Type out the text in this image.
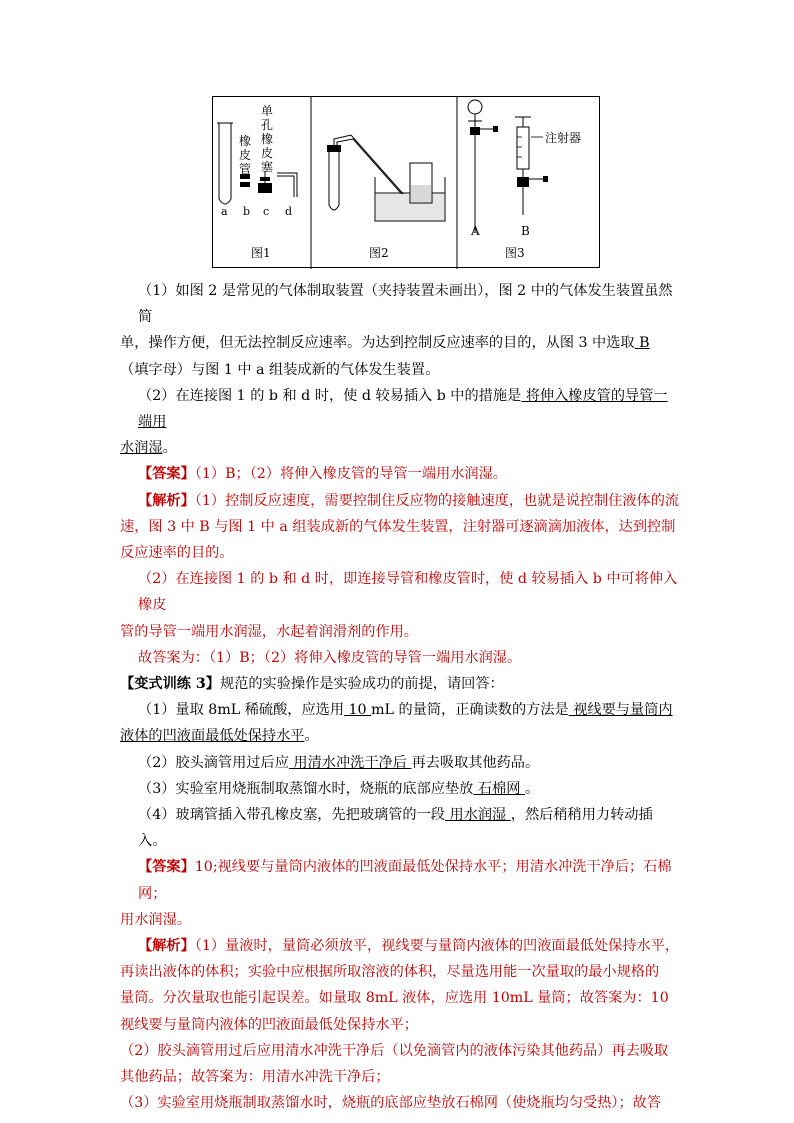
单
孔
橡
皮
塞
橡
皮
管
a b c d
图1	图2
注射器
A	B
图3

（1）如图 2 是常见的气体制取装置（夹持装置未画出），图 2 中的气体发生装置虽然简

单，操作方便，但无法控制反应速率。为达到控制反应速率的目的，从图 3 中选取 B

（填字母）与图 1 中 a 组装成新的气体发生装置。

（2）在连接图 1 的 b 和 d 时，使 d 较易插入 b 中的措施是 将伸入橡皮管的导管一端用

水润湿。

【答案】（1）B；（2）将伸入橡皮管的导管一端用水润湿。

【解析】（1）控制反应速度，需要控制住反应物的接触速度，也就是说控制住液体的流

速，图 3 中 B 与图 1 中 a 组装成新的气体发生装置，注射器可逐滴滴加液体，达到控制

反应速率的目的。

（2）在连接图 1 的 b 和 d 时，即连接导管和橡皮管时，使 d 较易插入 b 中可将伸入橡皮

管的导管一端用水润湿，水起着润滑剂的作用。

故答案为：（1）B；（2）将伸入橡皮管的导管一端用水润湿。

【变式训练 3】规范的实验操作是实验成功的前提，请回答：

（1）量取 8mL 稀硫酸，应选用 10 mL 的量筒，正确读数的方法是 视线要与量筒内

液体的凹液面最低处保持水平。

（2）胶头滴管用过后应 用清水冲洗干净后 再去吸取其他药品。

（3）实验室用烧瓶制取蒸馏水时，烧瓶的底部应垫放 石棉网 。

（4）玻璃管插入带孔橡皮塞，先把玻璃管的一段 用水润湿 ，然后稍稍用力转动插入。

【答案】10;视线要与量筒内液体的凹液面最低处保持水平；用清水冲洗干净后；石棉网；

用水润湿。

【解析】（1）量液时，量筒必须放平，视线要与量筒内液体的凹液面最低处保持水平，

再读出液体的体积；实验中应根据所取溶液的体积，尽量选用能一次量取的最小规格的

量筒。分次量取也能引起误差。如量取 8mL 液体，应选用 10mL 量筒；故答案为：10

视线要与量筒内液体的凹液面最低处保持水平；

（2）胶头滴管用过后应用清水冲洗干净后（以免滴管内的液体污染其他药品）再去吸取

其他药品；故答案为：用清水冲洗干净后；

（3）实验室用烧瓶制取蒸馏水时，烧瓶的底部应垫放石棉网（使烧瓶均匀受热）；故答
